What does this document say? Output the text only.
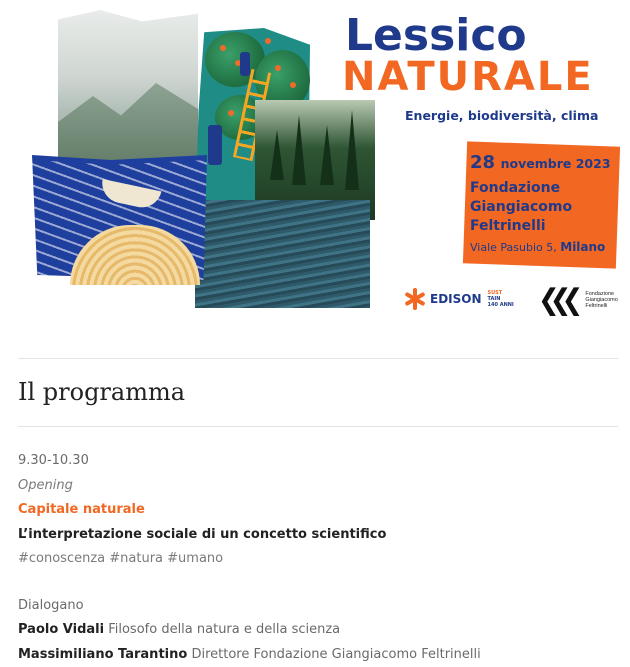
Lessico
NATURALE

Energie, biodiversità, clima

28 novembre 2023

Fondazione Giangiacomo Feltrinelli

Viale Pasubio 5, Milano

EDISON SUST
TAIN
140 ANNI ❮❮❮ Fondazione
Giangiacomo
Feltrinelli
Il programma

9.30-10.30

Opening

Capitale naturale

L’interpretazione sociale di un concetto scientifico

#conoscenza #natura #umano

Dialogano

Paolo Vidali Filosofo della natura e della scienza

Massimiliano Tarantino Direttore Fondazione Giangiacomo Feltrinelli
